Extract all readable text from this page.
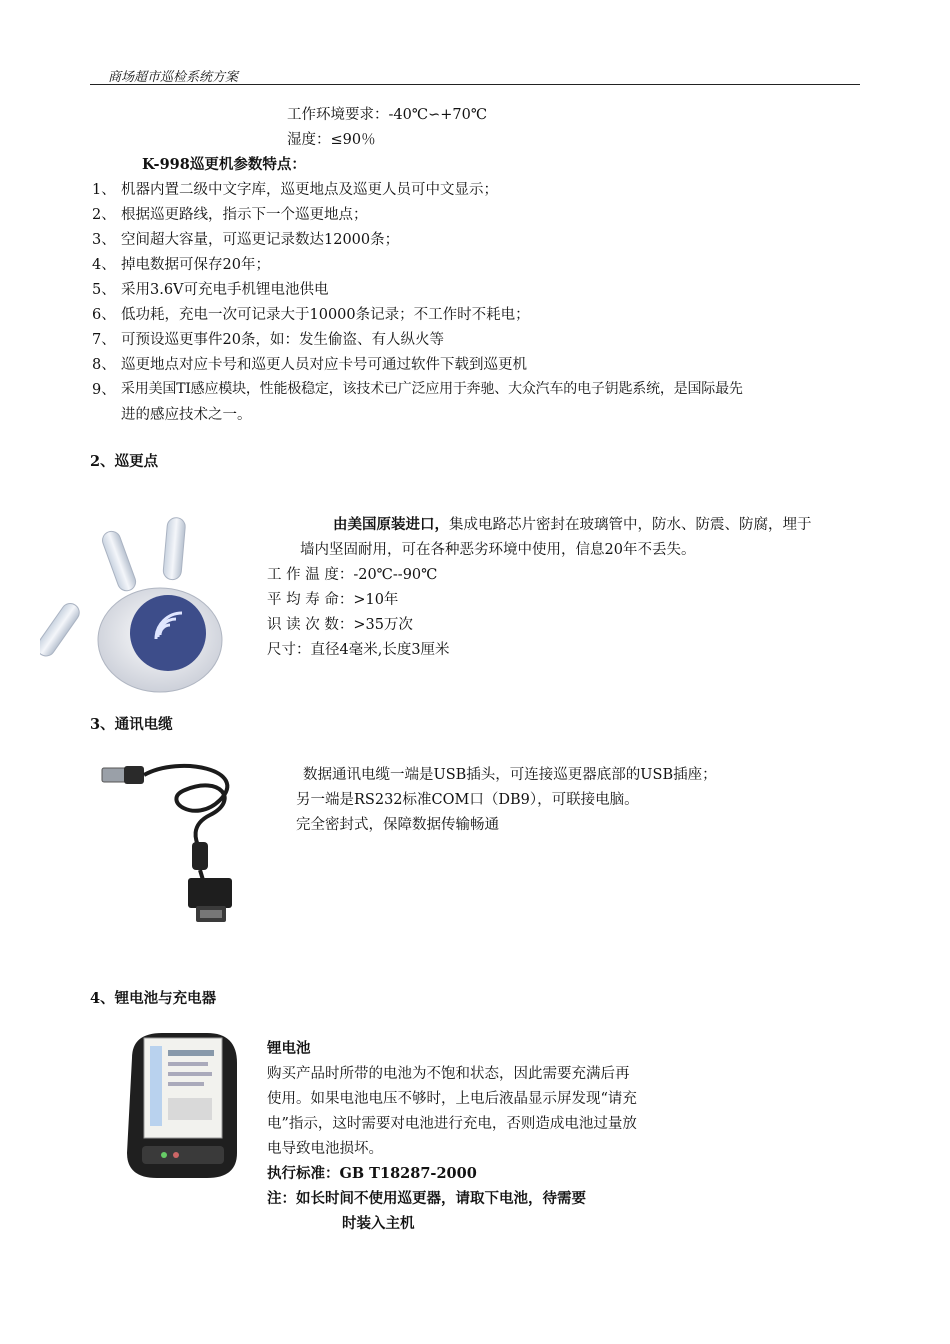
商场超市巡检系统方案
工作环境要求：-40℃∽+70℃
湿度：≤90％
K-998巡更机参数特点：
1、 机器内置二级中文字库，巡更地点及巡更人员可中文显示；
2、 根据巡更路线，指示下一个巡更地点；
3、 空间超大容量，可巡更记录数达12000条；
4、 掉电数据可保存20年；
5、 采用3.6V可充电手机锂电池供电
6、 低功耗，充电一次可记录大于10000条记录；不工作时不耗电；
7、 可预设巡更事件20条，如：发生偷盗、有人纵火等
8、 巡更地点对应卡号和巡更人员对应卡号可通过软件下载到巡更机
9、 采用美国TI感应模块，性能极稳定，该技术已广泛应用于奔驰、大众汽车的电子钥匙系统，是国际最先
进的感应技术之一。
2、巡更点
由美国原装进口，集成电路芯片密封在玻璃管中，防水、防震、防腐，埋于
墙内坚固耐用，可在各种恶劣环境中使用，信息20年不丢失。
工 作 温 度：-20℃--90℃
平 均 寿 命：>10年
识 读 次 数：>35万次
尺寸：直径4毫米,长度3厘米
3、通讯电缆
数据通讯电缆一端是USB插头，可连接巡更器底部的USB插座；
另一端是RS232标准COM口（DB9），可联接电脑。
完全密封式，保障数据传输畅通
4、锂电池与充电器
锂电池
购买产品时所带的电池为不饱和状态，因此需要充满后再
使用。如果电池电压不够时，上电后液晶显示屏发现“请充
电”指示，这时需要对电池进行充电，否则造成电池过量放
电导致电池损坏。
执行标准：GB T18287-2000
注：如长时间不使用巡更器，请取下电池，待需要
时装入主机
